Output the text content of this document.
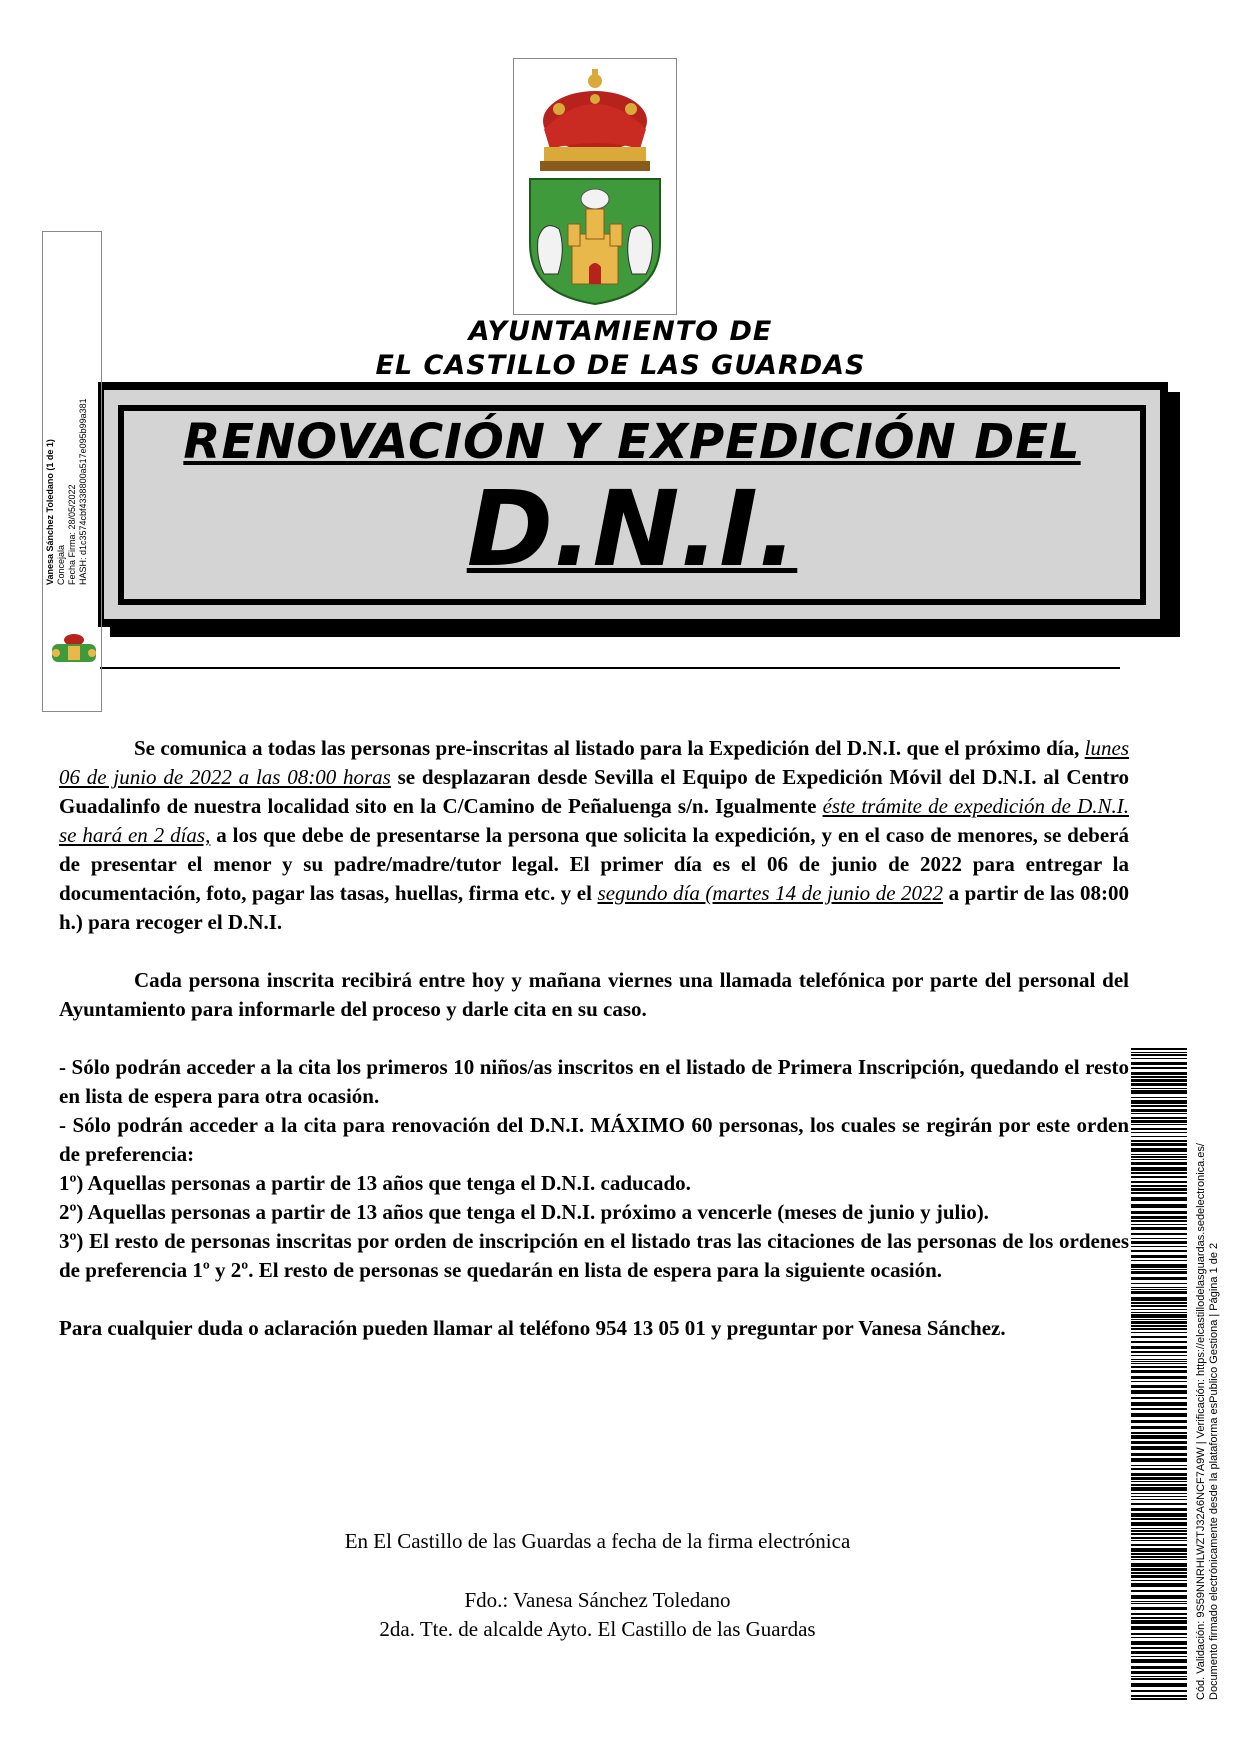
AYUNTAMIENTO DE
EL CASTILLO DE LAS GUARDAS
RENOVACIÓN Y EXPEDICIÓN DEL
D.N.I.
Vanesa Sánchez Toledano (1 de 1) Concejala Fecha Firma: 28/05/2022 HASH: d1c3574cbf4338800a517e095b99a381

Se comunica a todas las personas pre-inscritas al listado para la Expedición del D.N.I. que el próximo día, lunes 06 de junio de 2022 a las 08:00 horas se desplazaran desde Sevilla el Equipo de Expedición Móvil del D.N.I. al Centro Guadalinfo de nuestra localidad sito en la C/Camino de Peñaluenga s/n. Igualmente éste trámite de expedición de D.N.I. se hará en 2 días, a los que debe de presentarse la persona que solicita la expedición, y en el caso de menores, se deberá de presentar el menor y su padre/madre/tutor legal. El primer día es el 06 de junio de 2022 para entregar la documentación, foto, pagar las tasas, huellas, firma etc. y el segundo día (martes 14 de junio de 2022 a partir de las 08:00 h.) para recoger el D.N.I.

Cada persona inscrita recibirá entre hoy y mañana viernes una llamada telefónica por parte del personal del Ayuntamiento para informarle del proceso y darle cita en su caso.

- Sólo podrán acceder a la cita los primeros 10 niños/as inscritos en el listado de Primera Inscripción, quedando el resto en lista de espera para otra ocasión.

- Sólo podrán acceder a la cita para renovación del D.N.I. MÁXIMO 60 personas, los cuales se regirán por este orden de preferencia:

1º) Aquellas personas a partir de 13 años que tenga el D.N.I. caducado.

2º) Aquellas personas a partir de 13 años que tenga el D.N.I. próximo a vencerle (meses de junio y julio).

3º) El resto de personas inscritas por orden de inscripción en el listado tras las citaciones de las personas de los ordenes de preferencia 1º y 2º. El resto de personas se quedarán en lista de espera para la siguiente ocasión.

Para cualquier duda o aclaración pueden llamar al teléfono 954 13 05 01 y preguntar por Vanesa Sánchez.

En El Castillo de las Guardas a fecha de la firma electrónica
Fdo.: Vanesa Sánchez Toledano
2da. Tte. de alcalde Ayto. El Castillo de las Guardas	Cód. Validación: 9S59NNRHLWZTJ32A6NCF7A9W | Verificación: https://elcastillodelasguardas.sedelectronica.es/ Documento firmado electrónicamente desde la plataforma esPublico Gestiona | Página 1 de 2
